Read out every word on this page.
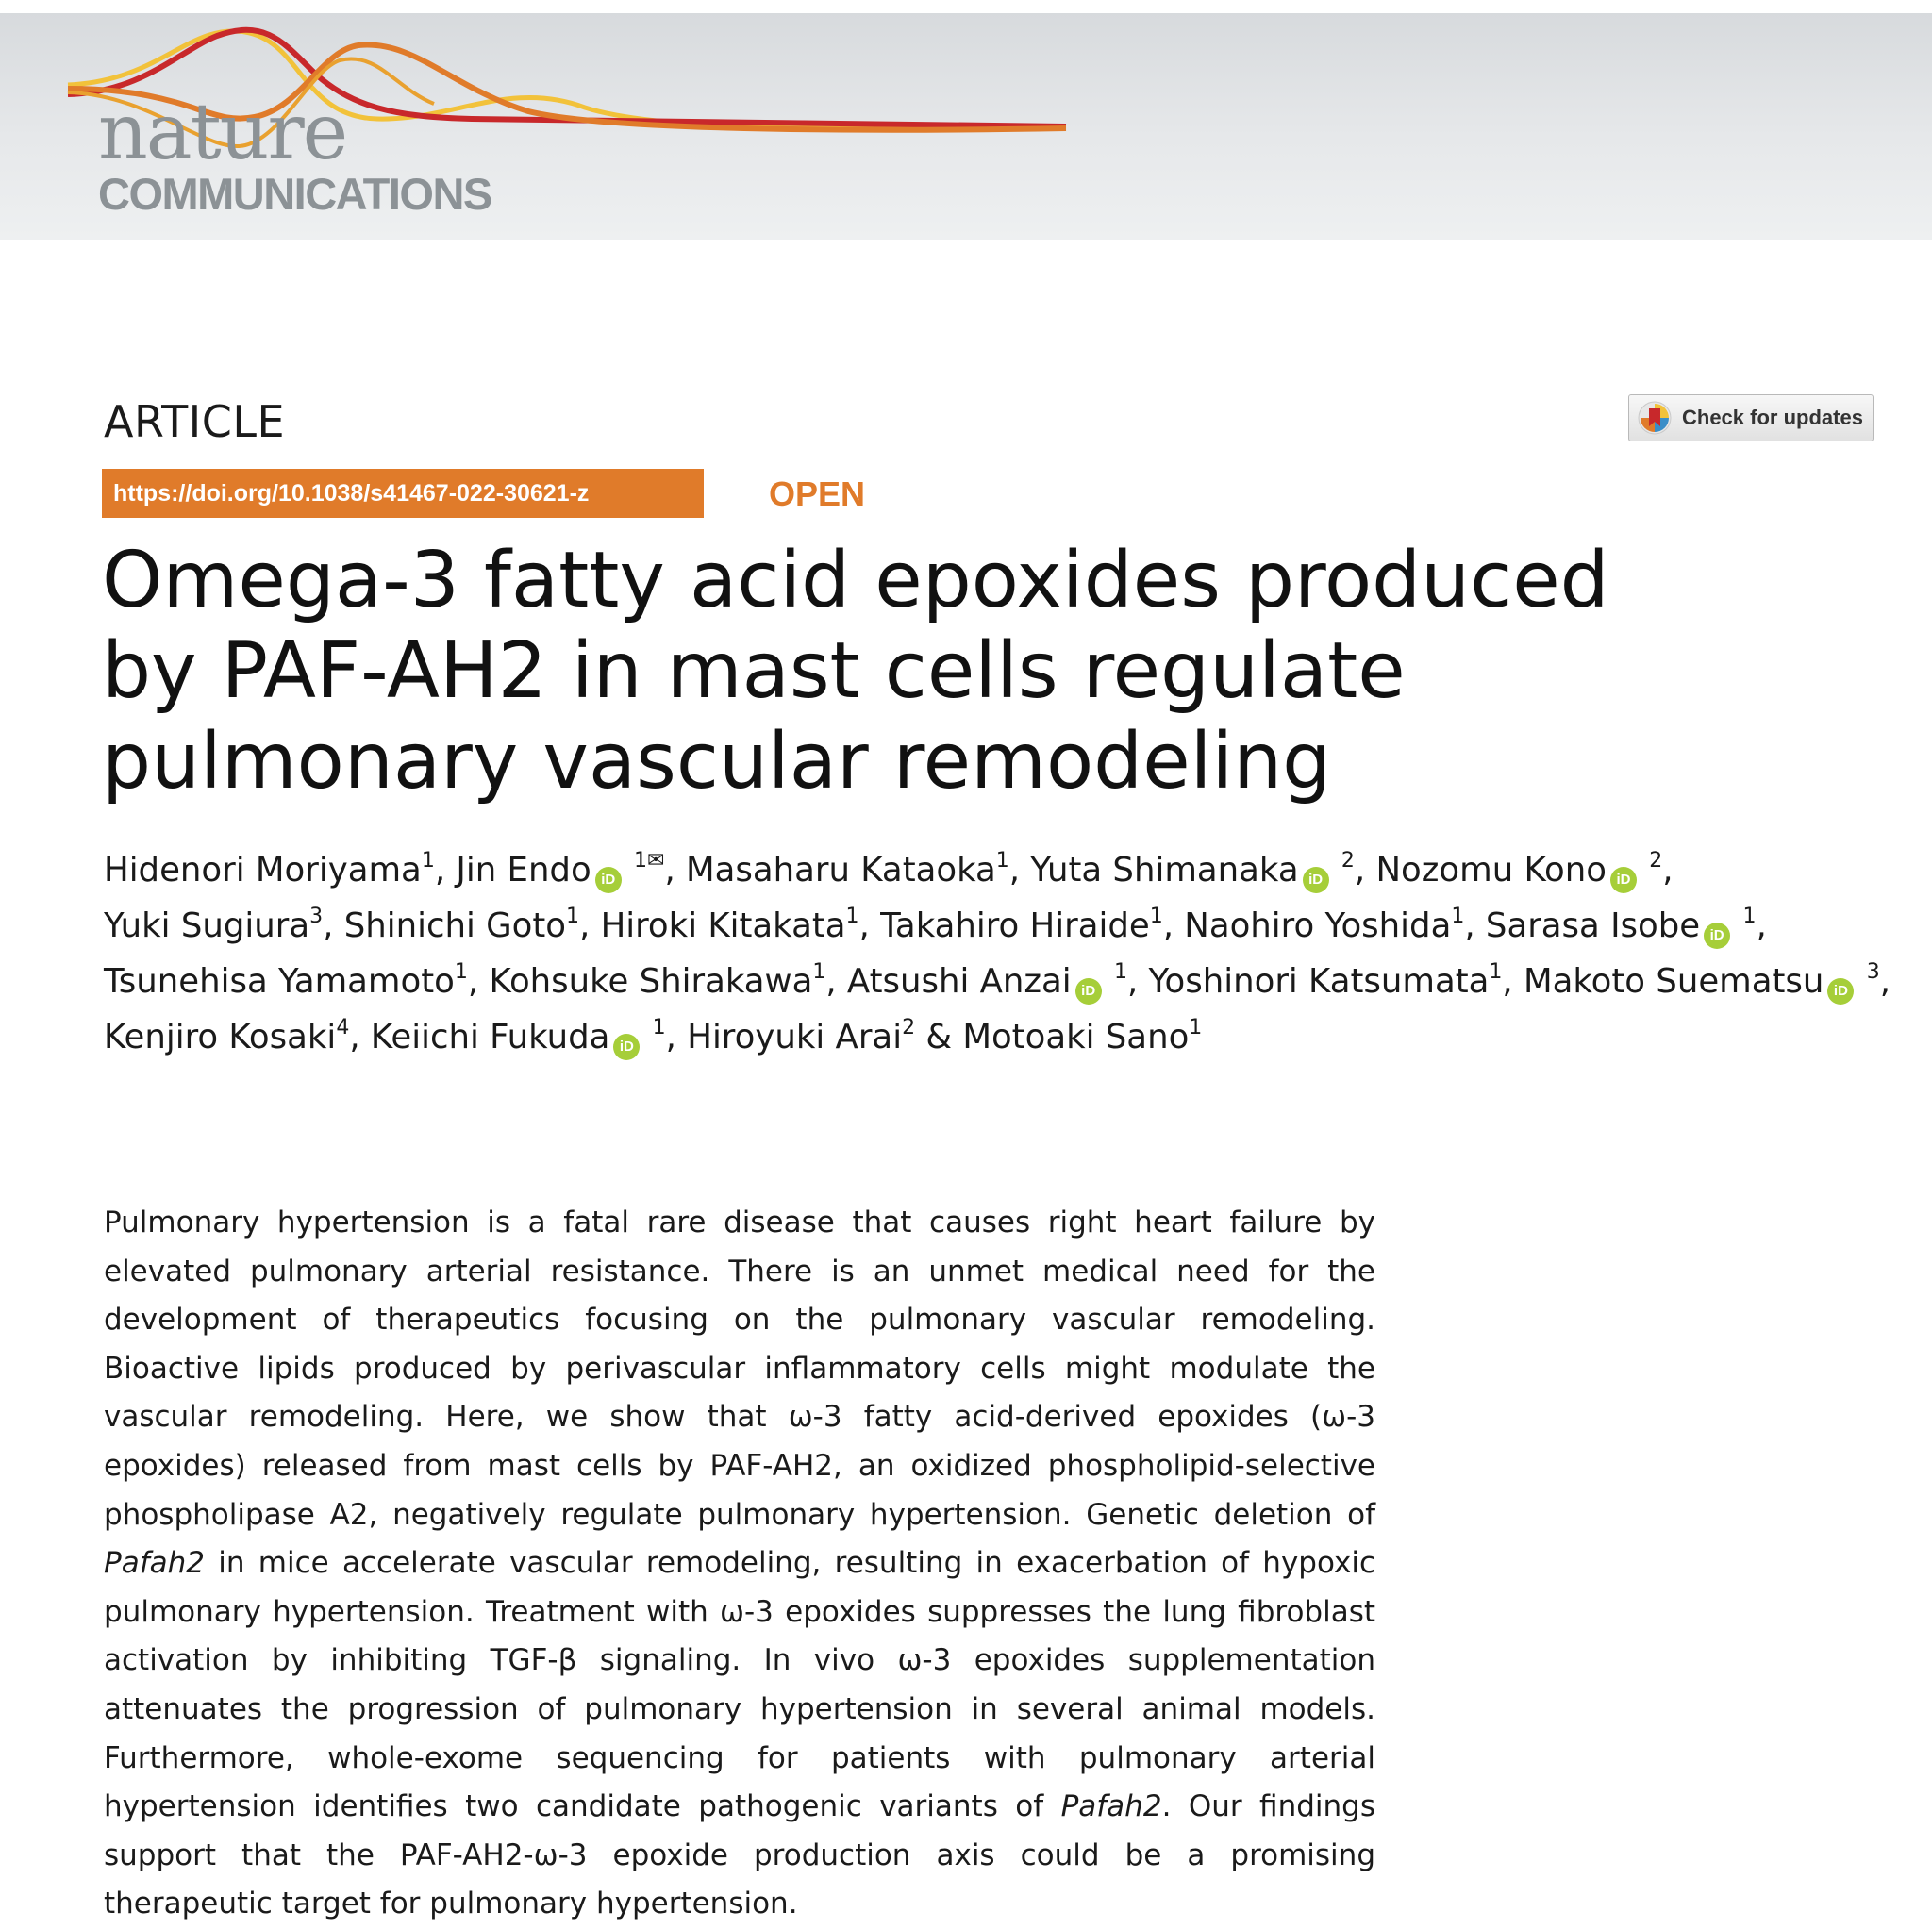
nature
COMMUNICATIONS
ARTICLE	Check for updates
https://doi.org/10.1038/s41467-022-30621-z	OPEN
Omega-3 fatty acid epoxides produced by PAF-AH2 in mast cells regulate pulmonary vascular remodeling
Hidenori Moriyama$^1$, Jin Endo iD $^{1✉}$, Masaharu Kataoka$^1$, Yuta Shimanaka iD $^2$, Nozomu Kono iD $^2$, Yuki Sugiura$^3$, Shinichi Goto$^1$, Hiroki Kitakata$^1$, Takahiro Hiraide$^1$, Naohiro Yoshida$^1$, Sarasa Isobe iD $^1$, Tsunehisa Yamamoto$^1$, Kohsuke Shirakawa$^1$, Atsushi Anzai iD $^1$, Yoshinori Katsumata$^1$, Makoto Suematsu iD $^3$, Kenjiro Kosaki$^4$, Keiichi Fukuda iD $^1$, Hiroyuki Arai$^2$ & Motoaki Sano$^1$
Pulmonary hypertension is a fatal rare disease that causes right heart failure by elevated pulmonary arterial resistance. There is an unmet medical need for the development of therapeutics focusing on the pulmonary vascular remodeling. Bioactive lipids produced by perivascular inflammatory cells might modulate the vascular remodeling. Here, we show that ω-3 fatty acid-derived epoxides (ω-3 epoxides) released from mast cells by PAF-AH2, an oxidized phospholipid-selective phospholipase A2, negatively regulate pulmonary hypertension. Genetic deletion of Pafah2 in mice accelerate vascular remodeling, resulting in exacerbation of hypoxic pulmonary hypertension. Treatment with ω-3 epoxides suppresses the lung fibroblast activation by inhibiting TGF-β signaling. In vivo ω-3 epoxides supplementation attenuates the progression of pulmonary hypertension in several animal models. Furthermore, whole-exome sequencing for patients with pulmonary arterial hypertension identifies two candidate pathogenic variants of Pafah2. Our findings support that the PAF-AH2-ω-3 epoxide production axis could be a promising therapeutic target for pulmonary hypertension.
